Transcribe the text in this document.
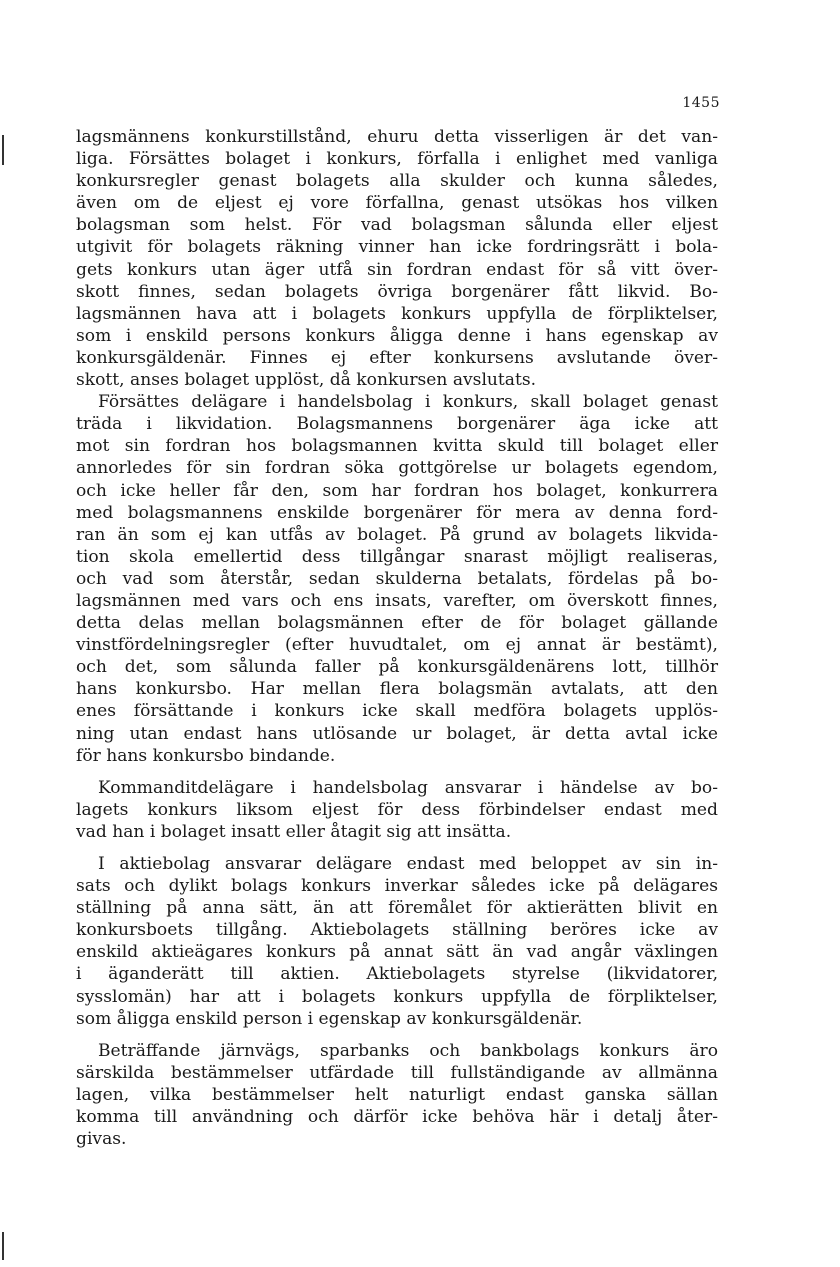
1455
lagsmännens konkurstillstånd, ehuru detta visserligen är det van-
liga. Försättes bolaget i konkurs, förfalla i enlighet med vanliga
konkursregler genast bolagets alla skulder och kunna således,
även om de eljest ej vore förfallna, genast utsökas hos vilken
bolagsman som helst. För vad bolagsman sålunda eller eljest
utgivit för bolagets räkning vinner han icke fordringsrätt i bola-
gets konkurs utan äger utfå sin fordran endast för så vitt över-
skott finnes, sedan bolagets övriga borgenärer fått likvid. Bo-
lagsmännen hava att i bolagets konkurs uppfylla de förpliktelser,
som i enskild persons konkurs åligga denne i hans egenskap av
konkursgäldenär. Finnes ej efter konkursens avslutande över-
skott, anses bolaget upplöst, då konkursen avslutats.
Försättes delägare i handelsbolag i konkurs, skall bolaget genast
träda i likvidation. Bolagsmannens borgenärer äga icke att
mot sin fordran hos bolagsmannen kvitta skuld till bolaget eller
annorledes för sin fordran söka gottgörelse ur bolagets egendom,
och icke heller får den, som har fordran hos bolaget, konkurrera
med bolagsmannens enskilde borgenärer för mera av denna ford-
ran än som ej kan utfås av bolaget. På grund av bolagets likvida-
tion skola emellertid dess tillgångar snarast möjligt realiseras,
och vad som återstår, sedan skulderna betalats, fördelas på bo-
lagsmännen med vars och ens insats, varefter, om överskott finnes,
detta delas mellan bolagsmännen efter de för bolaget gällande
vinstfördelningsregler (efter huvudtalet, om ej annat är bestämt),
och det, som sålunda faller på konkursgäldenärens lott, tillhör
hans konkursbo. Har mellan flera bolagsmän avtalats, att den
enes försättande i konkurs icke skall medföra bolagets upplös-
ning utan endast hans utlösande ur bolaget, är detta avtal icke
för hans konkursbo bindande.
Kommanditdelägare i handelsbolag ansvarar i händelse av bo-
lagets konkurs liksom eljest för dess förbindelser endast med
vad han i bolaget insatt eller åtagit sig att insätta.
I aktiebolag ansvarar delägare endast med beloppet av sin in-
sats och dylikt bolags konkurs inverkar således icke på delägares
ställning på anna sätt, än att föremålet för aktierätten blivit en
konkursboets tillgång. Aktiebolagets ställning beröres icke av
enskild aktieägares konkurs på annat sätt än vad angår växlingen
i äganderätt till aktien. Aktiebolagets styrelse (likvidatorer,
sysslomän) har att i bolagets konkurs uppfylla de förpliktelser,
som åligga enskild person i egenskap av konkursgäldenär.
Beträffande järnvägs, sparbanks och bankbolags konkurs äro
särskilda bestämmelser utfärdade till fullständigande av allmänna
lagen, vilka bestämmelser helt naturligt endast ganska sällan
komma till användning och därför icke behöva här i detalj åter-
givas.
